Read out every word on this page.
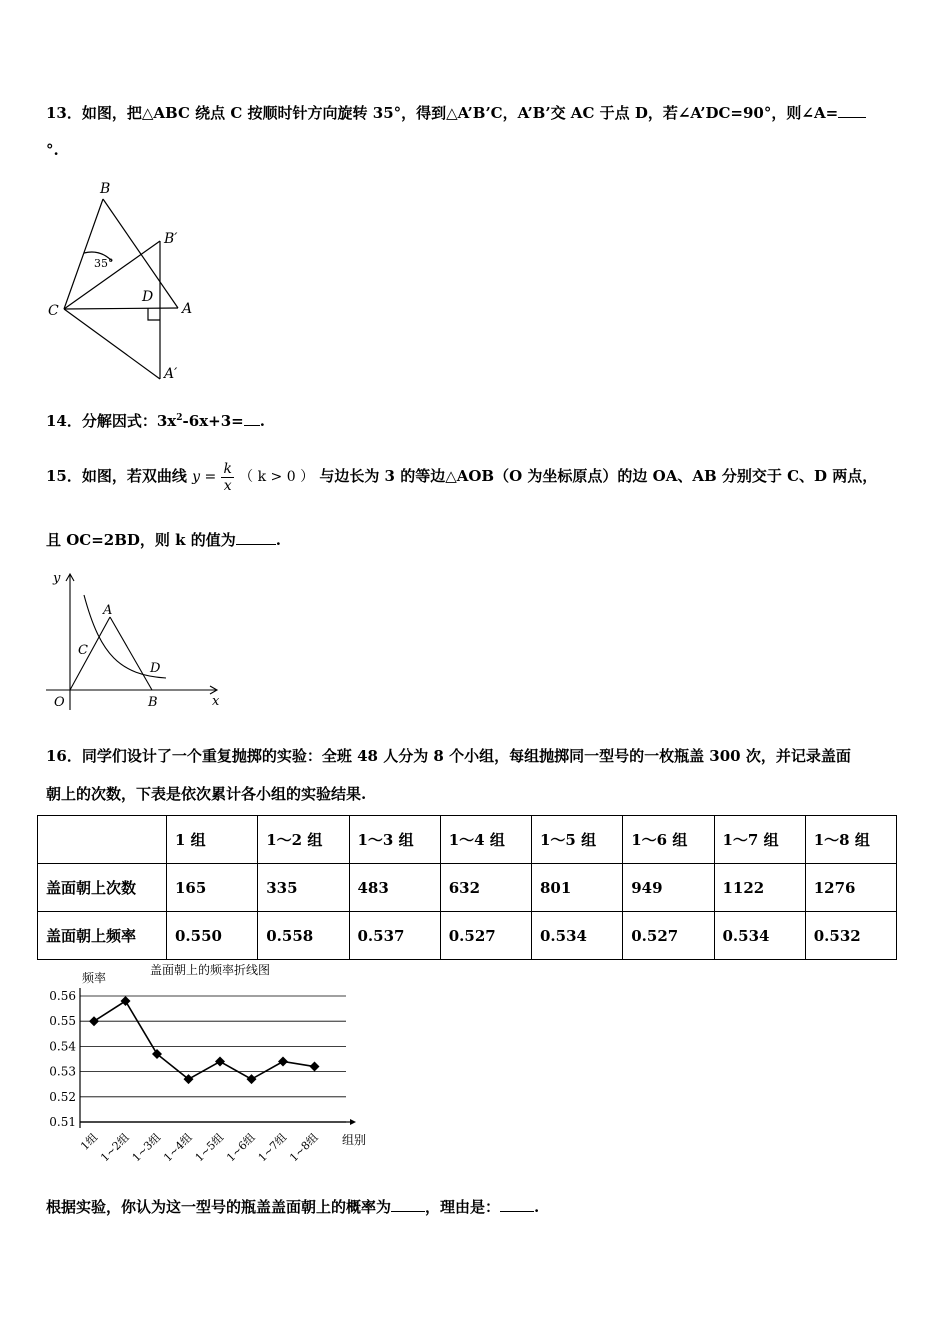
13．如图，把△ABC 绕点 C 按顺时针方向旋转 35°，得到△A’B’C，A’B’交 AC 于点 D，若∠A’DC=90°，则∠A=
°.
B
B′
C
D
A
A′
35°
14．分解因式：$3x^2-6x+3=$ .
15．如图，若双曲线 $y = \frac{k}{x}$ （ k > 0 ） 与边长为 3 的等边△AOB（O 为坐标原点）的边 OA、AB 分别交于 C、D 两点，
且 OC=2BD，则 k 的值为	.
y
x
O
A
B
C
D
16．同学们设计了一个重复抛掷的实验：全班 48 人分为 8 个小组，每组抛掷同一型号的一枚瓶盖 300 次，并记录盖面
朝上的次数，下表是依次累计各小组的实验结果.
	1 组	1～2 组	1～3 组	1～4 组	1～5 组	1～6 组	1～7 组	1～8 组
盖面朝上次数	165	335	483	632	801	949	1122	1276
盖面朝上频率	0.550	0.558	0.537	0.527	0.534	0.527	0.534	0.532
盖面朝上的频率折线图
频率
组别
0.51
0.52
0.53
0.54
0.55
0.56
1组
1~2组
1~3组
1~4组
1~5组
1~6组
1~7组
1~8组
根据实验，你认为这一型号的瓶盖盖面朝上的概率为 ，理由是： .
